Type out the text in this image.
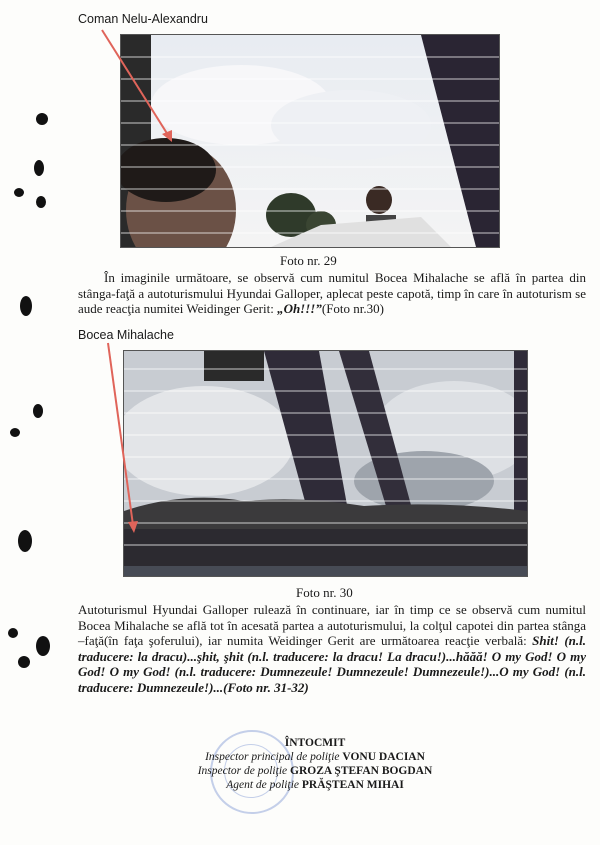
Coman Nelu-Alexandru
Foto nr. 29

În imaginile următoare, se observă cum numitul Bocea Mihalache se află în partea din stânga-faţă a autoturismului Hyundai Galloper, aplecat peste capotă, timp în care în autoturism se aude reacţia numitei Weidinger Gerit: „Oh!!!”(Foto nr.30)

Bocea Mihalache
Foto nr. 30

Autoturismul Hyundai Galloper rulează în continuare, iar în timp ce se observă cum numitul Bocea Mihalache se află tot în acesată partea a autoturismului, la colţul capotei din partea stânga –faţă(în faţa şoferului), iar numita Weidinger Gerit are următoarea reacţie verbală: Shit! (n.l. traducere: la dracu)...şhit, şhit (n.l. traducere: la dracu! La dracu!)...hăăă! O my God! O my God! O my God! (n.l. traducere: Dumnezeule! Dumnezeule! Dumnezeule!)...O my God! (n.l. traducere: Dumnezeule!)...(Foto nr. 31-32)

ÎNTOCMIT
Inspector principal de poliţie VONU DACIAN
Inspector de poliţie GROZA ŞTEFAN BOGDAN
Agent de poliţie PRĂŞTEAN MIHAI
